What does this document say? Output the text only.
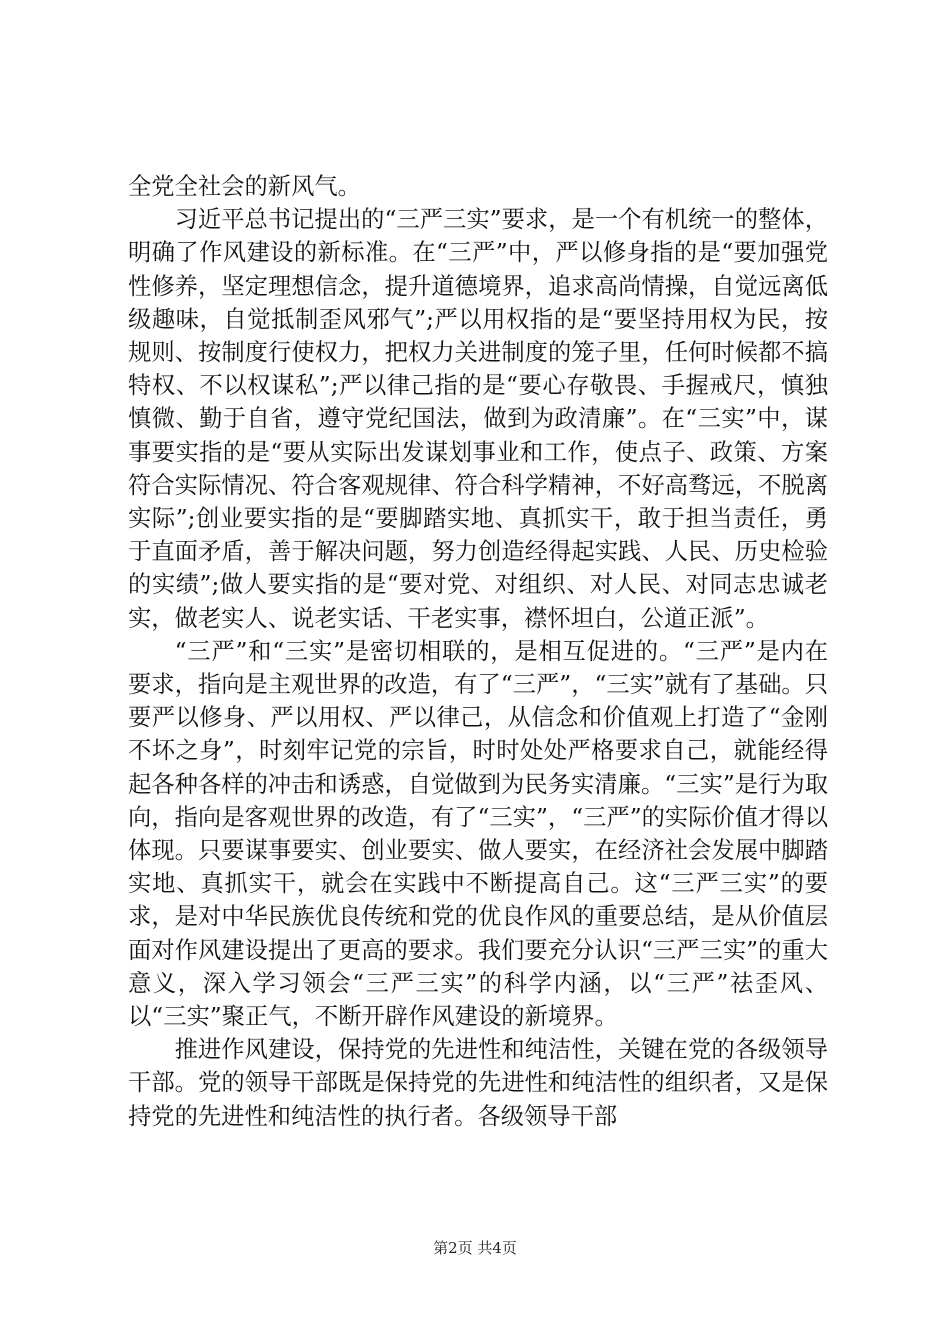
全党全社会的新风气。

习近平总书记提出的“三严三实”要求，是一个有机统一的整体，明确了作风建设的新标准。在“三严”中，严以修身指的是“要加强党性修养，坚定理想信念，提升道德境界，追求高尚情操，自觉远离低级趣味，自觉抵制歪风邪气”;严以用权指的是“要坚持用权为民，按规则、按制度行使权力，把权力关进制度的笼子里，任何时候都不搞特权、不以权谋私”;严以律己指的是“要心存敬畏、手握戒尺，慎独慎微、勤于自省，遵守党纪国法，做到为政清廉”。在“三实”中，谋事要实指的是“要从实际出发谋划事业和工作，使点子、政策、方案符合实际情况、符合客观规律、符合科学精神，不好高骛远，不脱离实际”;创业要实指的是“要脚踏实地、真抓实干，敢于担当责任，勇于直面矛盾，善于解决问题，努力创造经得起实践、人民、历史检验的实绩”;做人要实指的是“要对党、对组织、对人民、对同志忠诚老实，做老实人、说老实话、干老实事，襟怀坦白，公道正派”。

“三严”和“三实”是密切相联的，是相互促进的。“三严”是内在要求，指向是主观世界的改造，有了“三严”，“三实”就有了基础。只要严以修身、严以用权、严以律己，从信念和价值观上打造了“金刚不坏之身”，时刻牢记党的宗旨，时时处处严格要求自己，就能经得起各种各样的冲击和诱惑，自觉做到为民务实清廉。“三实”是行为取向，指向是客观世界的改造，有了“三实”，“三严”的实际价值才得以体现。只要谋事要实、创业要实、做人要实，在经济社会发展中脚踏实地、真抓实干，就会在实践中不断提高自己。这“三严三实”的要求，是对中华民族优良传统和党的优良作风的重要总结，是从价值层面对作风建设提出了更高的要求。我们要充分认识“三严三实”的重大意义，深入学习领会“三严三实”的科学内涵，以“三严”祛歪风、以“三实”聚正气，不断开辟作风建设的新境界。

推进作风建设，保持党的先进性和纯洁性，关键在党的各级领导干部。党的领导干部既是保持党的先进性和纯洁性的组织者，又是保持党的先进性和纯洁性的执行者。各级领导干部

第2页 共4页
